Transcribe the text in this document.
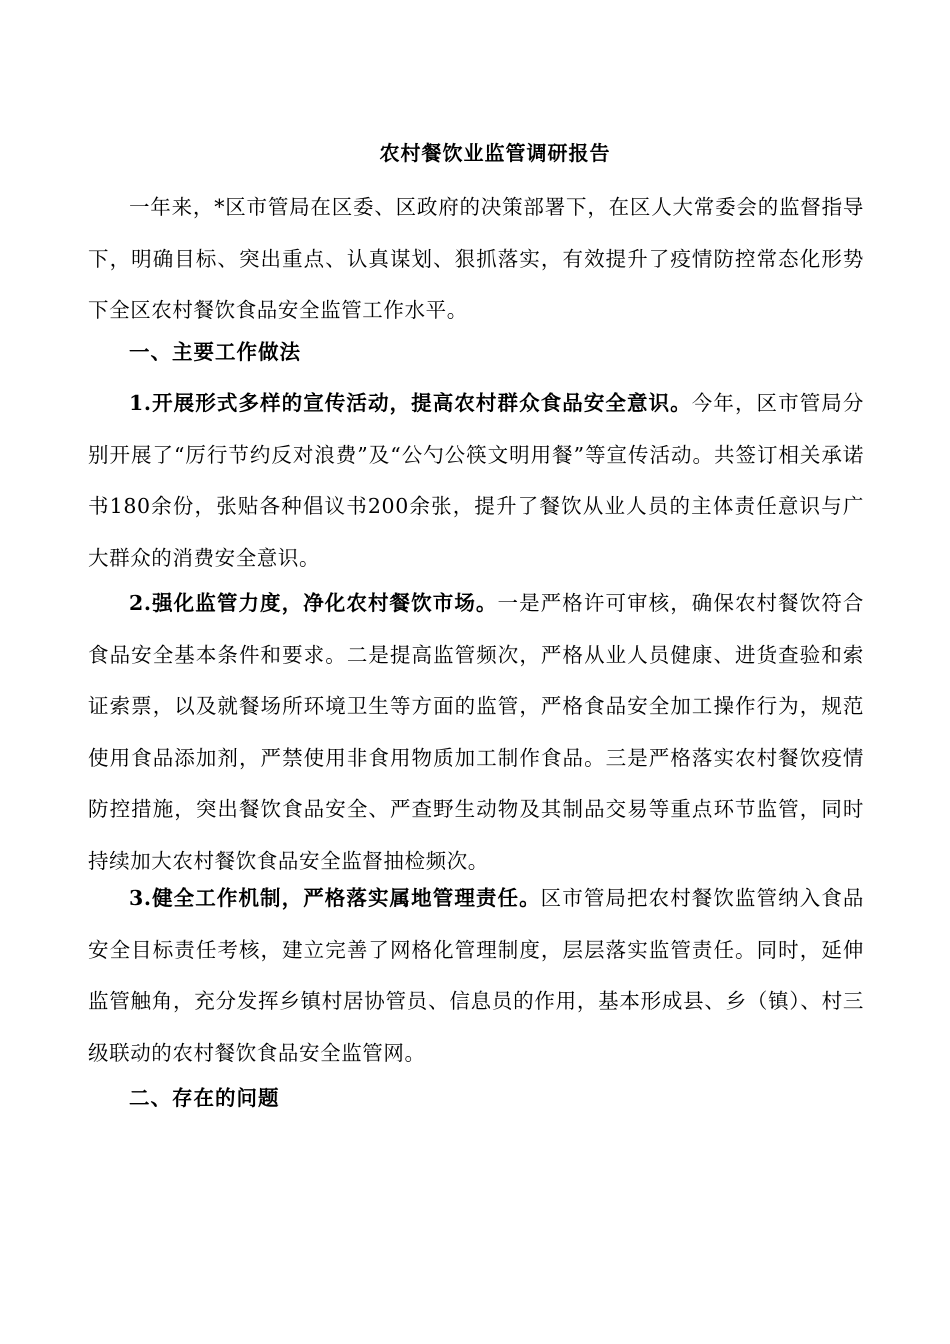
农村餐饮业监管调研报告

一年来，*区市管局在区委、区政府的决策部署下，在区人大常委会的监督指导下，明确目标、突出重点、认真谋划、狠抓落实，有效提升了疫情防控常态化形势下全区农村餐饮食品安全监管工作水平。

一、主要工作做法

1.开展形式多样的宣传活动，提高农村群众食品安全意识。今年，区市管局分别开展了“厉行节约反对浪费”及“公勺公筷文明用餐”等宣传活动。共签订相关承诺书180余份，张贴各种倡议书200余张，提升了餐饮从业人员的主体责任意识与广大群众的消费安全意识。

2.强化监管力度，净化农村餐饮市场。一是严格许可审核，确保农村餐饮符合食品安全基本条件和要求。二是提高监管频次，严格从业人员健康、进货查验和索证索票，以及就餐场所环境卫生等方面的监管，严格食品安全加工操作行为，规范使用食品添加剂，严禁使用非食用物质加工制作食品。三是严格落实农村餐饮疫情防控措施，突出餐饮食品安全、严查野生动物及其制品交易等重点环节监管，同时持续加大农村餐饮食品安全监督抽检频次。

3.健全工作机制，严格落实属地管理责任。区市管局把农村餐饮监管纳入食品安全目标责任考核，建立完善了网格化管理制度，层层落实监管责任。同时，延伸监管触角，充分发挥乡镇村居协管员、信息员的作用，基本形成县、乡（镇）、村三级联动的农村餐饮食品安全监管网。

二、存在的问题
